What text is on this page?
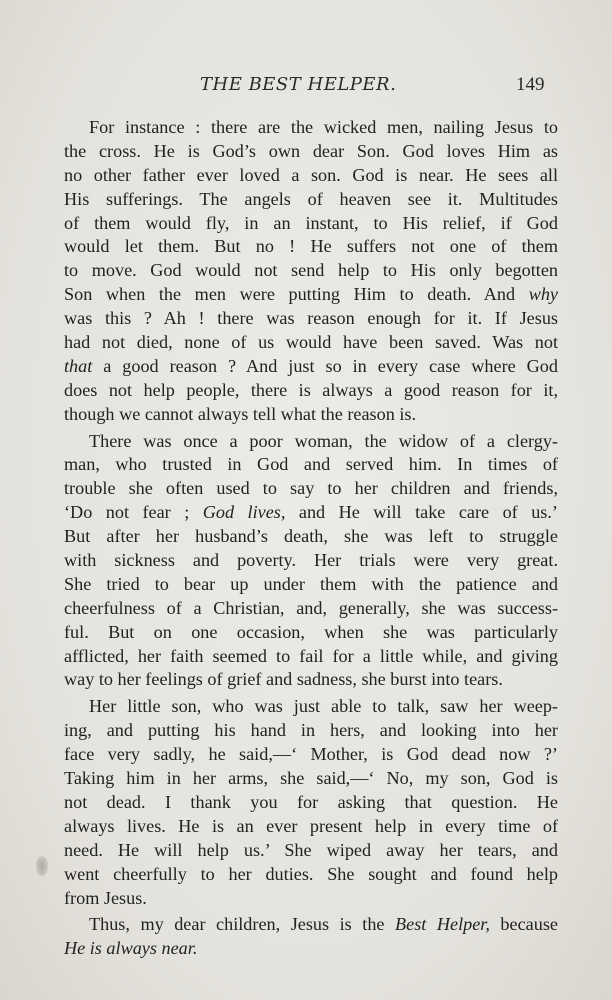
THE BEST HELPER.	149
For instance : there are the wicked men, nailing Jesus to
the cross. He is God’s own dear Son. God loves Him as
no other father ever loved a son. God is near. He sees all
His sufferings. The angels of heaven see it. Multitudes
of them would fly, in an instant, to His relief, if God
would let them. But no ! He suffers not one of them
to move. God would not send help to His only begotten
Son when the men were putting Him to death. And why
was this ? Ah ! there was reason enough for it. If Jesus
had not died, none of us would have been saved. Was not
that a good reason ? And just so in every case where God
does not help people, there is always a good reason for it,
though we cannot always tell what the reason is.
There was once a poor woman, the widow of a clergy-
man, who trusted in God and served him. In times of
trouble she often used to say to her children and friends,
‘Do not fear ; God lives, and He will take care of us.’
But after her husband’s death, she was left to struggle
with sickness and poverty. Her trials were very great.
She tried to bear up under them with the patience and
cheerfulness of a Christian, and, generally, she was success-
ful. But on one occasion, when she was particularly
afflicted, her faith seemed to fail for a little while, and giving
way to her feelings of grief and sadness, she burst into tears.
Her little son, who was just able to talk, saw her weep-
ing, and putting his hand in hers, and looking into her
face very sadly, he said,—‘ Mother, is God dead now ?’
Taking him in her arms, she said,—‘ No, my son, God is
not dead. I thank you for asking that question. He
always lives. He is an ever present help in every time of
need. He will help us.’ She wiped away her tears, and
went cheerfully to her duties. She sought and found help
from Jesus.
Thus, my dear children, Jesus is the Best Helper, because
He is always near.
